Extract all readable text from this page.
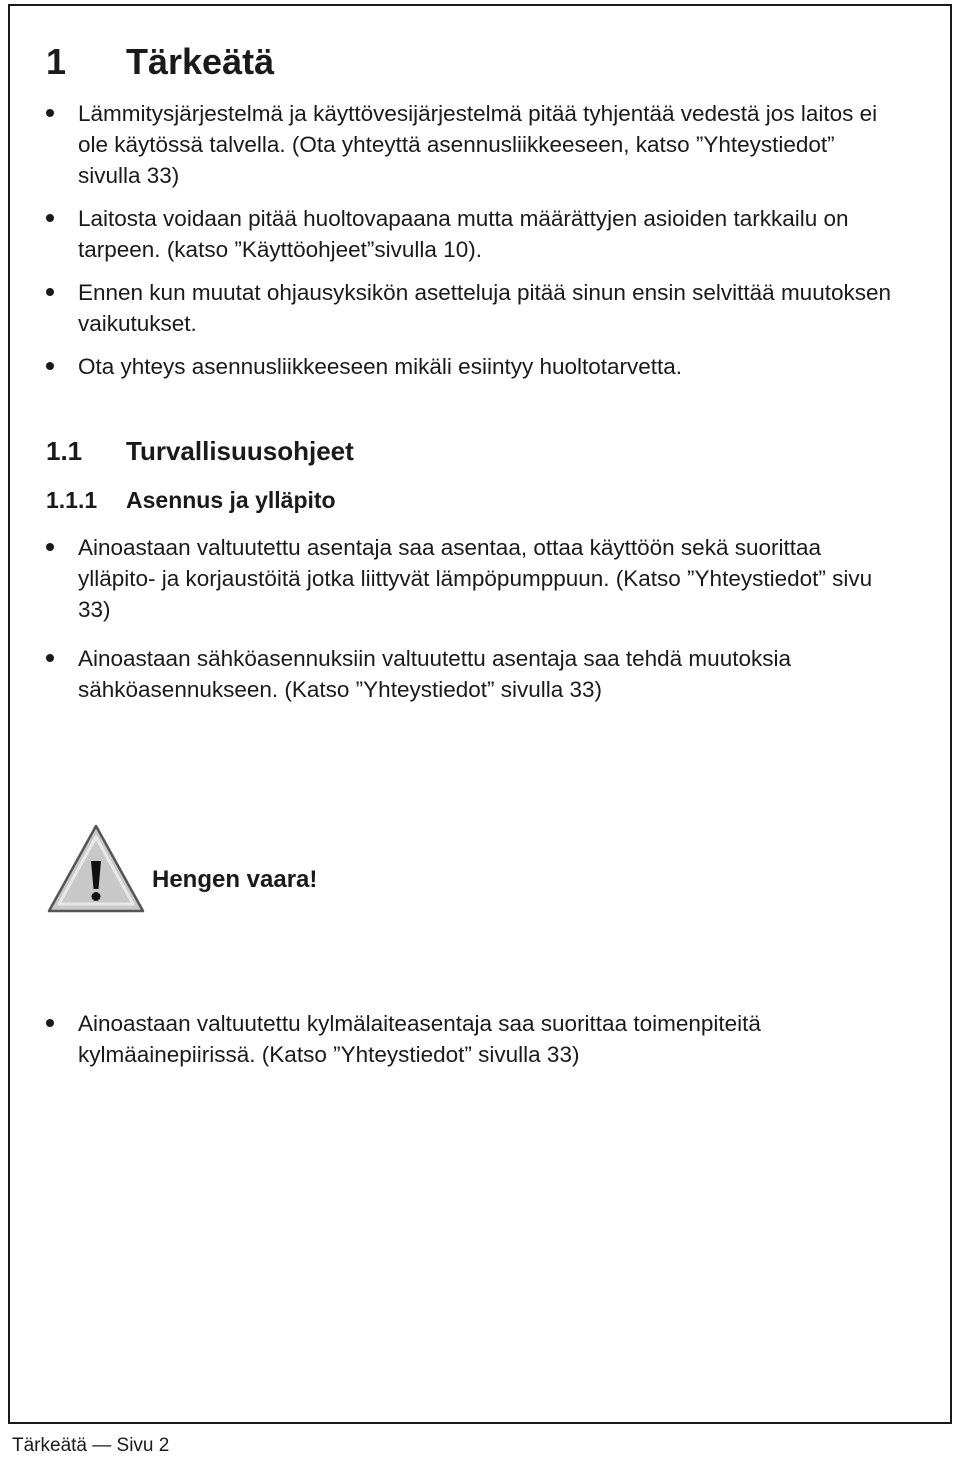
1 Tärkeätä
Lämmitysjärjestelmä ja käyttövesijärjestelmä pitää tyhjentää vedestä jos laitos ei ole käytössä talvella. (Ota yhteyttä asennusliikkeeseen, katso ”Yhteystiedot” sivulla 33)
Laitosta voidaan pitää huoltovapaana mutta määrättyjen asioiden tarkkailu on tarpeen. (katso ”Käyttöohjeet”sivulla 10).
Ennen kun muutat ohjausyksikön asetteluja pitää sinun ensin selvittää muutoksen vaikutukset.
Ota yhteys asennusliikkeeseen mikäli esiintyy huoltotarvetta.
1.1 Turvallisuusohjeet
1.1.1 Asennus ja ylläpito
Ainoastaan valtuutettu asentaja saa asentaa, ottaa käyttöön sekä suorittaa ylläpito- ja korjaustöitä jotka liittyvät lämpöpumppuun. (Katso ”Yhteystiedot” sivu 33)
Ainoastaan sähköasennuksiin valtuutettu asentaja saa tehdä muutoksia sähköasennukseen. (Katso ”Yhteystiedot” sivulla 33)
Hengen vaara!
Ainoastaan valtuutettu kylmälaiteasentaja saa suorittaa toimenpiteitä kylmäainepiirissä. (Katso ”Yhteystiedot” sivulla 33)
Tärkeätä — Sivu 2
